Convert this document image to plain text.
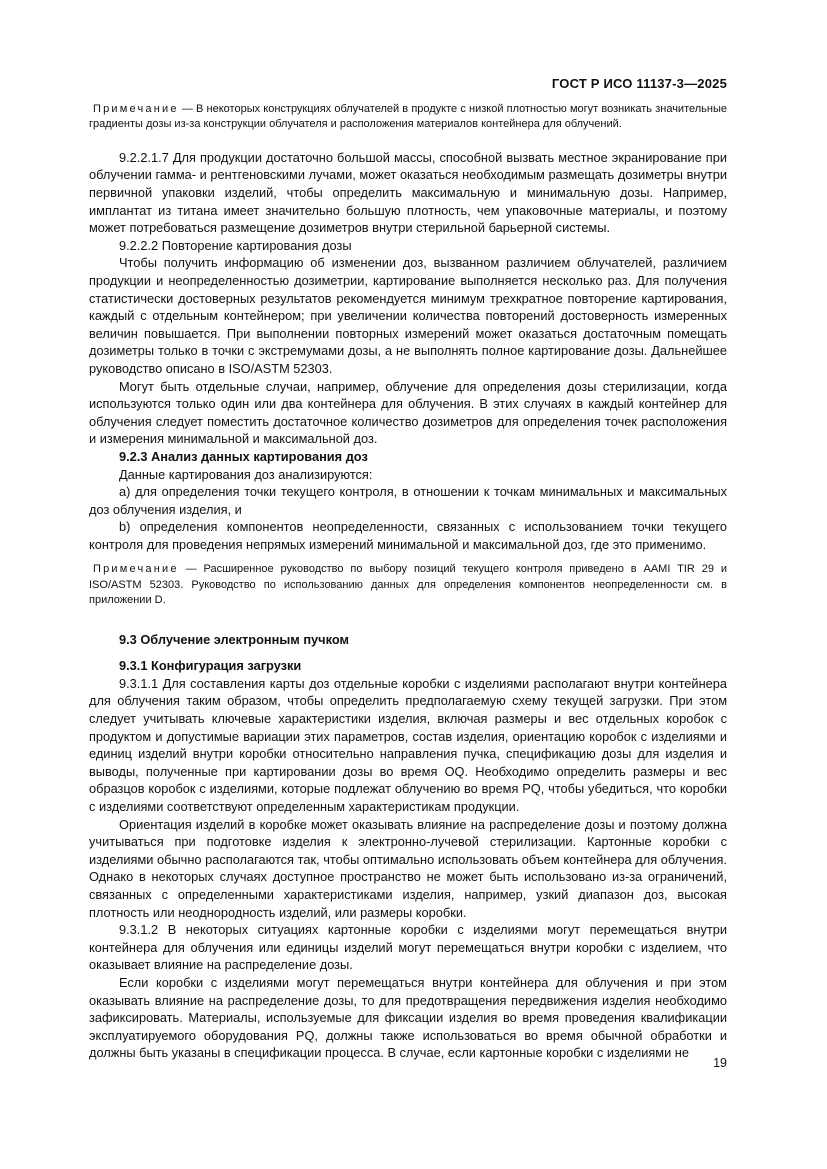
ГОСТ Р ИСО 11137-3—2025

Примечание — В некоторых конструкциях облучателей в продукте с низкой плотностью могут возникать значительные градиенты дозы из-за конструкции облучателя и расположения материалов контейнера для облучений.

9.2.2.1.7 Для продукции достаточно большой массы, способной вызвать местное экранирование при облучении гамма- и рентгеновскими лучами, может оказаться необходимым размещать дозиметры внутри первичной упаковки изделий, чтобы определить максимальную и минимальную дозы. Например, имплантат из титана имеет значительно большую плотность, чем упаковочные материалы, и поэтому может потребоваться размещение дозиметров внутри стерильной барьерной системы.

9.2.2.2 Повторение картирования дозы

Чтобы получить информацию об изменении доз, вызванном различием облучателей, различием продукции и неопределенностью дозиметрии, картирование выполняется несколько раз. Для получения статистически достоверных результатов рекомендуется минимум трехкратное повторение картирования, каждый с отдельным контейнером; при увеличении количества повторений достоверность измеренных величин повышается. При выполнении повторных измерений может оказаться достаточным помещать дозиметры только в точки с экстремумами дозы, а не выполнять полное картирование дозы. Дальнейшее руководство описано в ISO/ASTM 52303.

Могут быть отдельные случаи, например, облучение для определения дозы стерилизации, когда используются только один или два контейнера для облучения. В этих случаях в каждый контейнер для облучения следует поместить достаточное количество дозиметров для определения точек расположения и измерения минимальной и максимальной доз.

9.2.3 Анализ данных картирования доз

Данные картирования доз анализируются:

a) для определения точки текущего контроля, в отношении к точкам минимальных и максимальных доз облучения изделия, и

b) определения компонентов неопределенности, связанных с использованием точки текущего контроля для проведения непрямых измерений минимальной и максимальной доз, где это применимо.

Примечание — Расширенное руководство по выбору позиций текущего контроля приведено в AAMI TIR 29 и ISO/ASTM 52303. Руководство по использованию данных для определения компонентов неопределенности см. в приложении D.

9.3 Облучение электронным пучком

9.3.1 Конфигурация загрузки

9.3.1.1 Для составления карты доз отдельные коробки с изделиями располагают внутри контейнера для облучения таким образом, чтобы определить предполагаемую схему текущей загрузки. При этом следует учитывать ключевые характеристики изделия, включая размеры и вес отдельных коробок с продуктом и допустимые вариации этих параметров, состав изделия, ориентацию коробок с изделиями и единиц изделий внутри коробки относительно направления пучка, спецификацию дозы для изделия и выводы, полученные при картировании дозы во время OQ. Необходимо определить размеры и вес образцов коробок с изделиями, которые подлежат облучению во время PQ, чтобы убедиться, что коробки с изделиями соответствуют определенным характеристикам продукции.

Ориентация изделий в коробке может оказывать влияние на распределение дозы и поэтому должна учитываться при подготовке изделия к электронно-лучевой стерилизации. Картонные коробки с изделиями обычно располагаются так, чтобы оптимально использовать объем контейнера для облучения. Однако в некоторых случаях доступное пространство не может быть использовано из-за ограничений, связанных с определенными характеристиками изделия, например, узкий диапазон доз, высокая плотность или неоднородность изделий, или размеры коробки.

9.3.1.2 В некоторых ситуациях картонные коробки с изделиями могут перемещаться внутри контейнера для облучения или единицы изделий могут перемещаться внутри коробки с изделием, что оказывает влияние на распределение дозы.

Если коробки с изделиями могут перемещаться внутри контейнера для облучения и при этом оказывать влияние на распределение дозы, то для предотвращения передвижения изделия необходимо зафиксировать. Материалы, используемые для фиксации изделия во время проведения квалификации эксплуатируемого оборудования PQ, должны также использоваться во время обычной обработки и должны быть указаны в спецификации процесса. В случае, если картонные коробки с изделиями не

19
